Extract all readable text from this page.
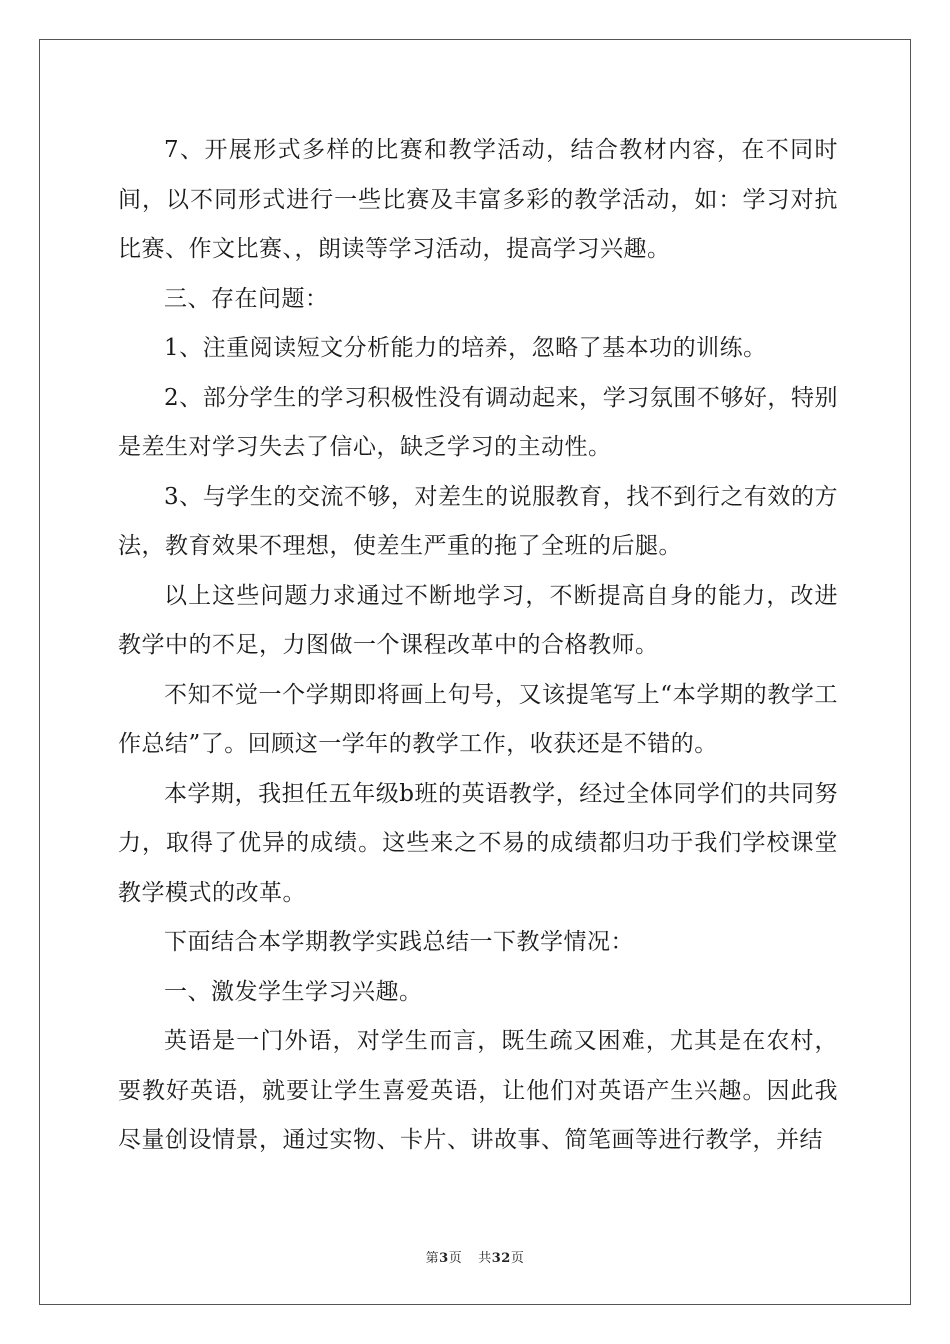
7、开展形式多样的比赛和教学活动，结合教材内容，在不同时间，以不同形式进行一些比赛及丰富多彩的教学活动，如：学习对抗比赛、作文比赛、，朗读等学习活动，提高学习兴趣。

三、存在问题：

1、注重阅读短文分析能力的培养，忽略了基本功的训练。

2、部分学生的学习积极性没有调动起来，学习氛围不够好，特别是差生对学习失去了信心，缺乏学习的主动性。

3、与学生的交流不够，对差生的说服教育，找不到行之有效的方法，教育效果不理想，使差生严重的拖了全班的后腿。

以上这些问题力求通过不断地学习，不断提高自身的能力，改进教学中的不足，力图做一个课程改革中的合格教师。

不知不觉一个学期即将画上句号，又该提笔写上“本学期的教学工作总结”了。回顾这一学年的教学工作，收获还是不错的。

本学期，我担任五年级b班的英语教学，经过全体同学们的共同努力，取得了优异的成绩。这些来之不易的成绩都归功于我们学校课堂教学模式的改革。

下面结合本学期教学实践总结一下教学情况：

一、激发学生学习兴趣。

英语是一门外语，对学生而言，既生疏又困难，尤其是在农村，要教好英语，就要让学生喜爱英语，让他们对英语产生兴趣。因此我尽量创设情景，通过实物、卡片、讲故事、简笔画等进行教学，并结

第3页 共32页
